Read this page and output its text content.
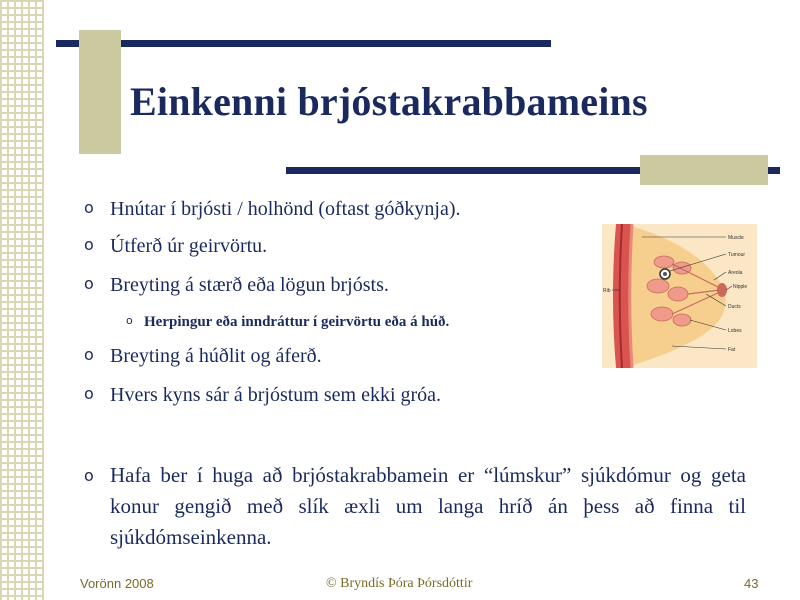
Einkenni brjóstakrabbameins
o Hnútar í brjósti / holhönd (oftast góðkynja).
o Útferð úr geirvörtu.
o Breyting á stærð eða lögun brjósts.
o Herpingur eða inndráttur í geirvörtu eða á húð.
o Breyting á húðlit og áferð.
o Hvers kyns sár á brjóstum sem ekki gróa.
o Hafa ber í huga að brjóstakrabbamein er “lúmskur” sjúkdómur og geta konur gengið með slík æxli um langa hríð án þess að finna til sjúkdómseinkenna.
Muscle
Tumour
Areola
Nipple
Ducts
Lobes
Fat
Rib
Vorönn 2008	© Bryndís Þóra Þórsdóttir	43
